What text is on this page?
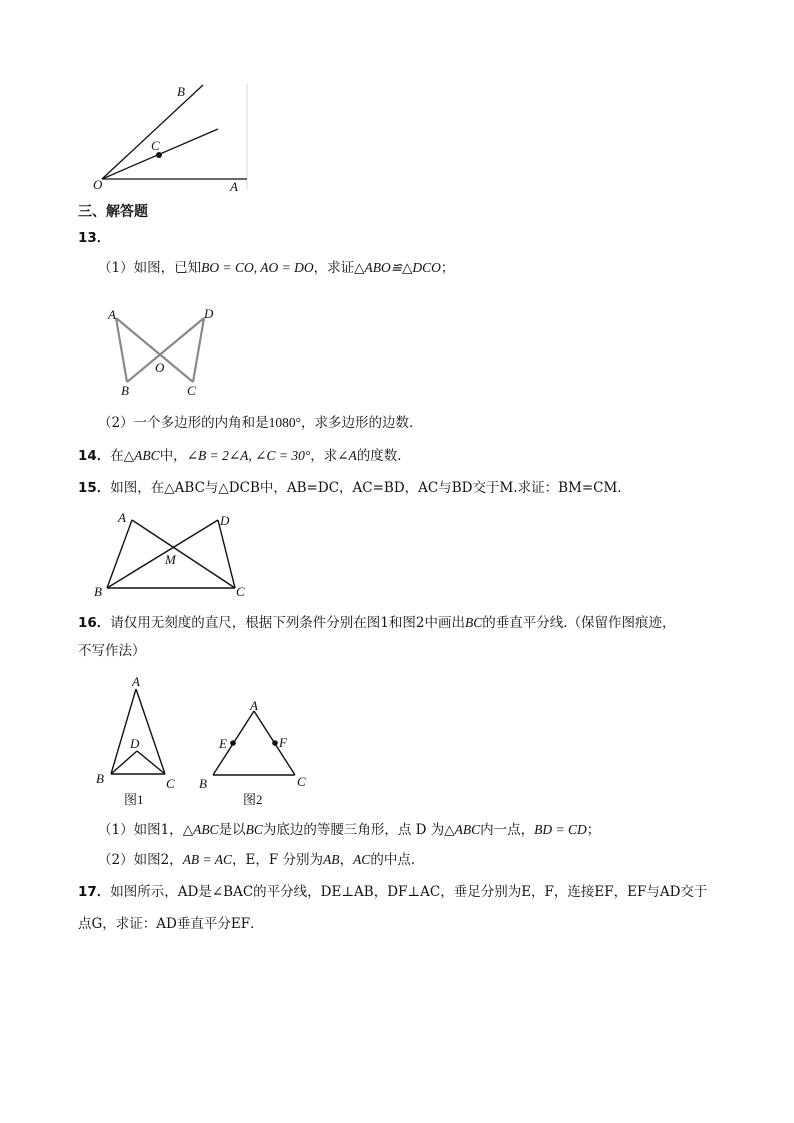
B
C
O	A
三、解答题
13．
（1）如图，已知BO = CO, AO = DO，求证△ABO≌△DCO；
A	D
O
B	C
（2）一个多边形的内角和是1080°，求多边形的边数．
14．在△ABC中，∠B = 2∠A, ∠C = 30°，求∠A的度数．
15．如图，在△ABC与△DCB中，AB=DC，AC=BD，AC与BD交于M.求证：BM=CM.
A	D
M
B	C
16．请仅用无刻度的直尺，根据下列条件分别在图1和图2中画出BC的垂直平分线.（保留作图痕迹，
不写作法）
A
D
B	C
图1
A
E	F
B	C
图2
（1）如图1，△ABC是以BC为底边的等腰三角形，点 D 为△ABC内一点，BD = CD；
（2）如图2，AB = AC，E，F 分别为AB，AC的中点．
17．如图所示，AD是∠BAC的平分线，DE⊥AB，DF⊥AC，垂足分别为E，F，连接EF，EF与AD交于
点G，求证：AD垂直平分EF．
